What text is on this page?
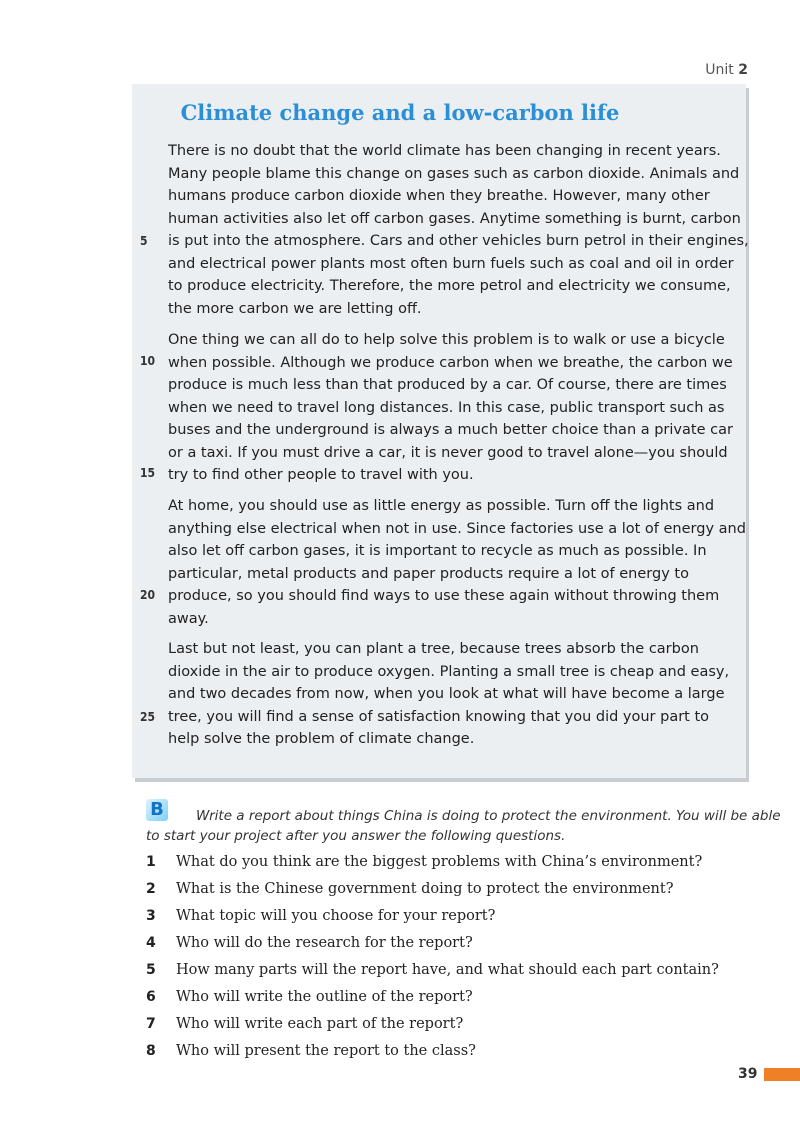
Unit 2
Climate change and a low-carbon life

There is no doubt that the world climate has been changing in recent years.
Many people blame this change on gases such as carbon dioxide. Animals and
humans produce carbon dioxide when they breathe. However, many other
human activities also let off carbon gases. Anytime something is burnt, carbon
is put into the atmosphere. Cars and other vehicles burn petrol in their engines,
and electrical power plants most often burn fuels such as coal and oil in order
to produce electricity. Therefore, the more petrol and electricity we consume,
the more carbon we are letting off.

One thing we can all do to help solve this problem is to walk or use a bicycle
when possible. Although we produce carbon when we breathe, the carbon we
produce is much less than that produced by a car. Of course, there are times
when we need to travel long distances. In this case, public transport such as
buses and the underground is always a much better choice than a private car
or a taxi. If you must drive a car, it is never good to travel alone—you should
try to find other people to travel with you.

At home, you should use as little energy as possible. Turn off the lights and
anything else electrical when not in use. Since factories use a lot of energy and
also let off carbon gases, it is important to recycle as much as possible. In
particular, metal products and paper products require a lot of energy to
produce, so you should find ways to use these again without throwing them
away.

Last but not least, you can plant a tree, because trees absorb the carbon
dioxide in the air to produce oxygen. Planting a small tree is cheap and easy,
and two decades from now, when you look at what will have become a large
tree, you will find a sense of satisfaction knowing that you did your part to
help solve the problem of climate change.

5
10
15
20
25
B	Write a report about things China is doing to protect the environment. You will be able
to start your project after you answer the following questions.

1	What do you think are the biggest problems with China’s environment?
2	What is the Chinese government doing to protect the environment?
3	What topic will you choose for your report?
4	Who will do the research for the report?
5	How many parts will the report have, and what should each part contain?
6	Who will write the outline of the report?
7	Who will write each part of the report?
8	Who will present the report to the class?
39
